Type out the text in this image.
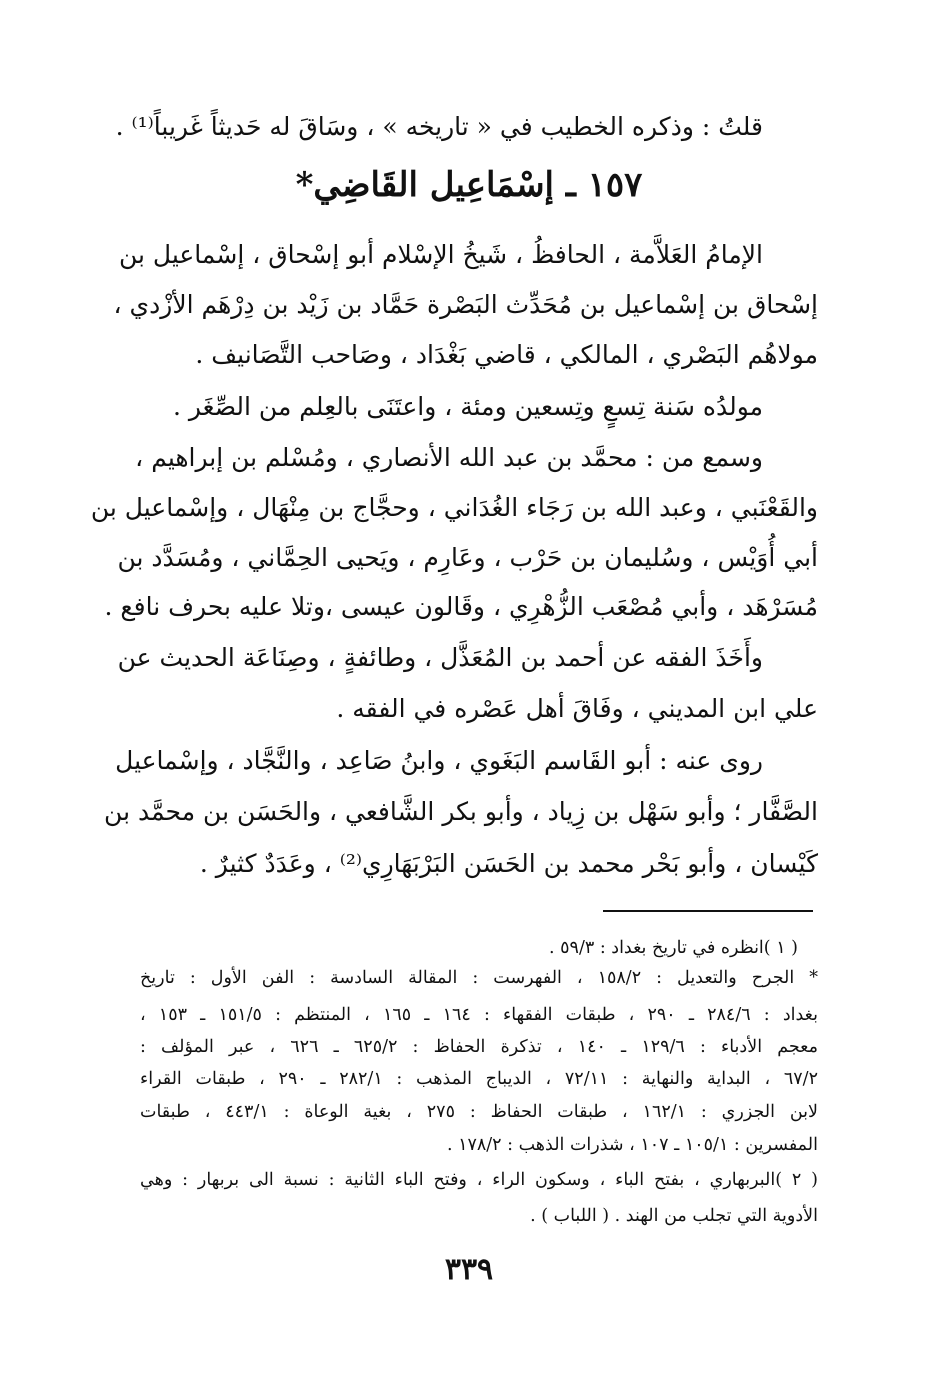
قلتُ : وذكره الخطيب في « تاريخه » ، وسَاقَ له حَديثاً غَريباً⁽¹⁾ .
١٥٧ ـ إسْمَاعِيل القَاضِي*
الإمامُ العَلاَّمة ، الحافظُ ، شَيخُ الإسْلام أبو إسْحاق ، إسْماعيل بن
إسْحاق بن إسْماعيل بن مُحَدِّث البَصْرة حَمَّاد بن زَيْد بن دِرْهَم الأزْدي ،
مولاهُم البَصْري ، المالكي ، قاضي بَغْدَاد ، وصَاحب التَّصَانيف .
مولدُه سَنة تِسعٍ وتِسعين ومئة ، واعتَنَى بالعِلم من الصِّغَر .
وسمع من : محمَّد بن عبد الله الأنصاري ، ومُسْلم بن إبراهيم ،
والقَعْنَبي ، وعبد الله بن رَجَاء الغُدَاني ، وحجَّاج بن مِنْهَال ، وإسْماعيل بن
أبي أُوَيْس ، وسُليمان بن حَرْب ، وعَارِم ، ويَحيى الحِمَّاني ، ومُسَدَّد بن
مُسَرْهَد ، وأبي مُصْعَب الزُّهْرِي ، وقَالون عيسى ،وتلا عليه بحرف نافع .
وأَخَذَ الفقه عن أحمد بن المُعَذَّل ، وطائفةٍ ، وصِنَاعَة الحديث عن
علي ابن المديني ، وفَاقَ أهل عَصْره في الفقه .
روى عنه : أبو القَاسم البَغَوي ، وابنُ صَاعِد ، والنَّجَّاد ، وإسْماعيل
الصَّفَّار ؛ وأبو سَهْل بن زِياد ، وأبو بكر الشَّافعي ، والحَسَن بن محمَّد بن
كَيْسان ، وأبو بَحْر محمد بن الحَسَن البَرْبَهَارِي⁽²⁾ ، وعَدَدٌ كثيرٌ .
( ١ )انظره في تاريخ بغداد : ٥٩/٣ .
* الجرح والتعديل : ١٥٨/٢ ، الفهرست : المقالة السادسة : الفن الأول : تاريخ
بغداد : ٢٨٤/٦ ـ ٢٩٠ ، طبقات الفقهاء : ١٦٤ ـ ١٦٥ ، المنتظم : ١٥١/٥ ـ ١٥٣ ،
معجم الأدباء : ١٢٩/٦ ـ ١٤٠ ، تذكرة الحفاظ : ٦٢٥/٢ ـ ٦٢٦ ، عبر المؤلف :
٦٧/٢ ، البداية والنهاية : ٧٢/١١ ، الديباج المذهب : ٢٨٢/١ ـ ٢٩٠ ، طبقات القراء
لابن الجزري : ١٦٢/١ ، طبقات الحفاظ : ٢٧٥ ، بغية الوعاة : ٤٤٣/١ ، طبقات
المفسرين : ١٠٥/١ ـ ١٠٧ ، شذرات الذهب : ١٧٨/٢ .
( ٢ )البربهاري ، بفتح الباء ، وسكون الراء ، وفتح الباء الثانية : نسبة الى بربهار : وهي
الأدوية التي تجلب من الهند . ( اللباب ) .
٣٣٩
